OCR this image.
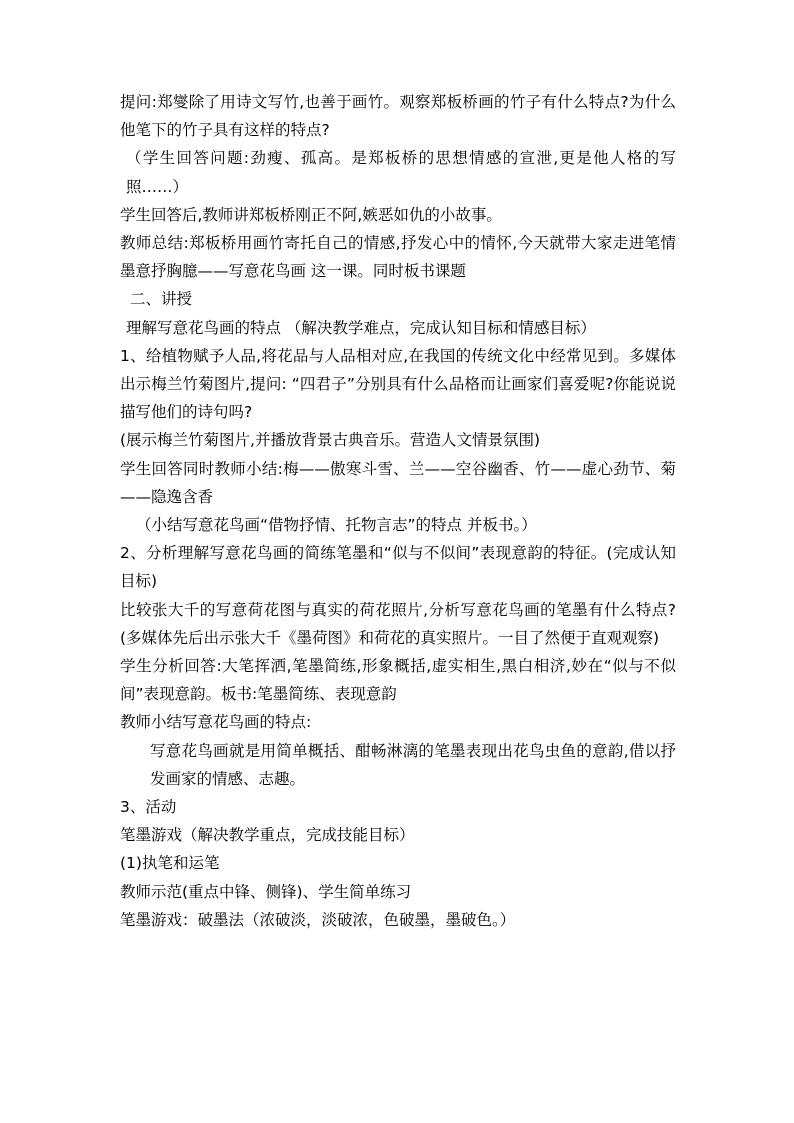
提问:郑燮除了用诗文写竹,也善于画竹。观察郑板桥画的竹子有什么特点?为什么他笔下的竹子具有这样的特点?

（学生回答问题:劲瘦、孤高。是郑板桥的思想情感的宣泄,更是他人格的写照……）

学生回答后,教师讲郑板桥刚正不阿,嫉恶如仇的小故事。

教师总结:郑板桥用画竹寄托自己的情感,抒发心中的情怀,今天就带大家走进笔情墨意抒胸臆——写意花鸟画 这一课。同时板书课题

二、讲授

理解写意花鸟画的特点 （解决教学难点，完成认知目标和情感目标）

1、给植物赋予人品,将花品与人品相对应,在我国的传统文化中经常见到。多媒体出示梅兰竹菊图片,提问: “四君子”分别具有什么品格而让画家们喜爱呢?你能说说描写他们的诗句吗?

(展示梅兰竹菊图片,并播放背景古典音乐。营造人文情景氛围)

学生回答同时教师小结:梅——傲寒斗雪、兰——空谷幽香、竹——虚心劲节、菊——隐逸含香

（小结写意花鸟画“借物抒情、托物言志”的特点 并板书。）

2、分析理解写意花鸟画的简练笔墨和“似与不似间”表现意韵的特征。(完成认知目标)

比较张大千的写意荷花图与真实的荷花照片,分析写意花鸟画的笔墨有什么特点?(多媒体先后出示张大千《墨荷图》和荷花的真实照片。一目了然便于直观观察)

学生分析回答:大笔挥洒,笔墨简练,形象概括,虚实相生,黑白相济,妙在“似与不似间”表现意韵。板书:笔墨简练、表现意韵

教师小结写意花鸟画的特点:

写意花鸟画就是用简单概括、酣畅淋漓的笔墨表现出花鸟虫鱼的意韵,借以抒发画家的情感、志趣。

3、活动

笔墨游戏（解决教学重点，完成技能目标）

(1)执笔和运笔

教师示范(重点中锋、侧锋)、学生简单练习

笔墨游戏：破墨法（浓破淡，淡破浓，色破墨，墨破色。）
